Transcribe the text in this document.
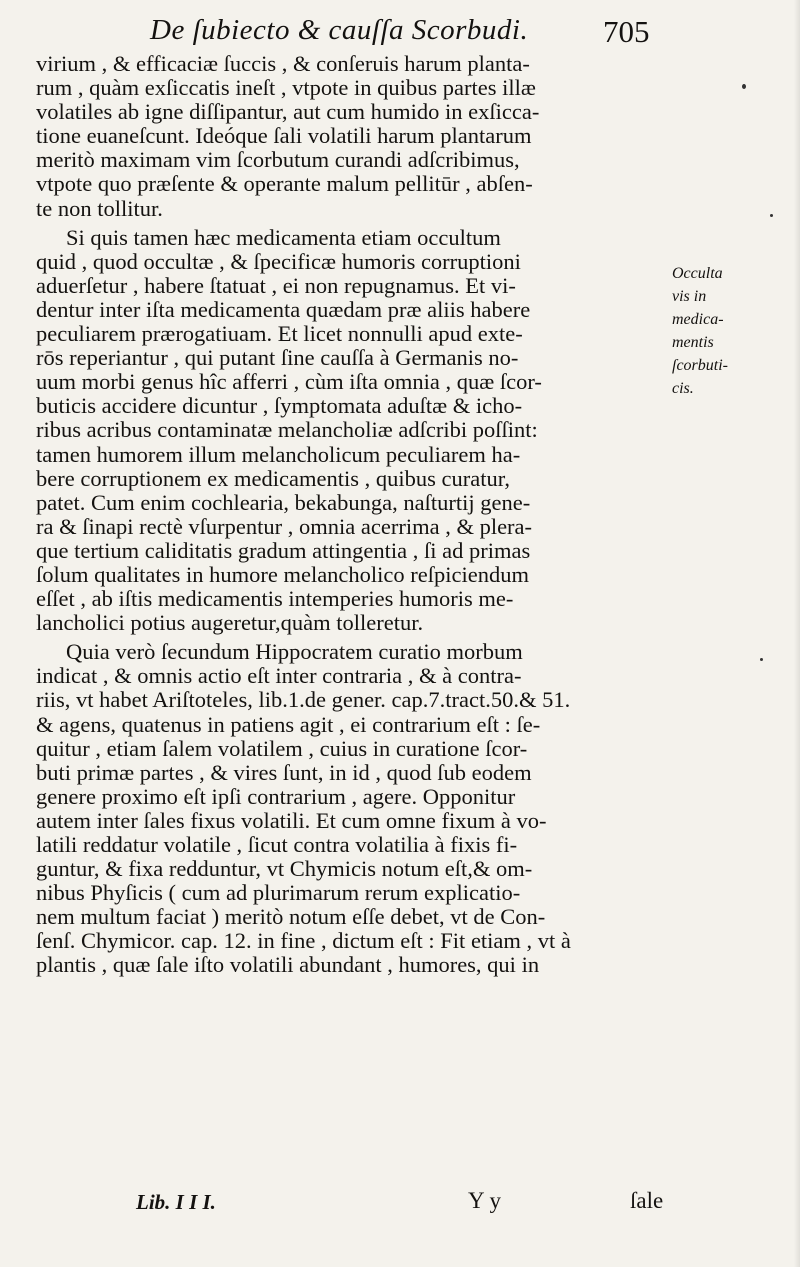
De ſubiecto & cauſſa Scorbudi. 705
virium , & efficaciæ ſuccis , & conſeruis harum planta-
rum , quàm exſiccatis ineſt , vtpote in quibus partes illæ
volatiles ab igne diſſipantur, aut cum humido in exſicca-
tione euaneſcunt. Ideóque ſali volatili harum plantarum
meritò maximam vim ſcorbutum curandi adſcribimus,
vtpote quo præſente & operante malum pellitūr , abſen-
te non tollitur.
Si quis tamen hæc medicamenta etiam occultum
quid , quod occultæ , & ſpecificæ humoris corruptioni
aduerſetur , habere ſtatuat , ei non repugnamus. Et vi-
dentur inter iſta medicamenta quædam præ aliis habere
peculiarem prærogatiuam. Et licet nonnulli apud exte-
rōs reperiantur , qui putant ſine cauſſa à Germanis no-
uum morbi genus hîc afferri , cùm iſta omnia , quæ ſcor-
buticis accidere dicuntur , ſymptomata aduſtæ & icho-
ribus acribus contaminatæ melancholiæ adſcribi poſſint:
tamen humorem illum melancholicum peculiarem ha-
bere corruptionem ex medicamentis , quibus curatur,
patet. Cum enim cochlearia, bekabunga, naſturtij gene-
ra & ſinapi rectè vſurpentur , omnia acerrima , & plera-
que tertium caliditatis gradum attingentia , ſi ad primas
ſolum qualitates in humore melancholico reſpiciendum
eſſet , ab iſtis medicamentis intemperies humoris me-
lancholici potius augeretur,quàm tolleretur.
Quia verò ſecundum Hippocratem curatio morbum
indicat , & omnis actio eſt inter contraria , & à contra-
riis, vt habet Ariſtoteles, lib.1.de gener. cap.7.tract.50.& 51.
& agens, quatenus in patiens agit , ei contrarium eſt : ſe-
quitur , etiam ſalem volatilem , cuius in curatione ſcor-
buti primæ partes , & vires ſunt, in id , quod ſub eodem
genere proximo eſt ipſi contrarium , agere. Opponitur
autem inter ſales fixus volatili. Et cum omne fixum à vo-
latili reddatur volatile , ſicut contra volatilia à fixis fi-
guntur, & fixa redduntur, vt Chymicis notum eſt,& om-
nibus Phyſicis ( cum ad plurimarum rerum explicatio-
nem multum faciat ) meritò notum eſſe debet, vt de Con-
ſenſ. Chymicor. cap. 12. in fine , dictum eſt : Fit etiam , vt à
plantis , quæ ſale iſto volatili abundant , humores, qui in
Occulta
vis in
medica-
mentis
ſcorbuti-
cis.
Lib. I I I.	Y y	ſale
